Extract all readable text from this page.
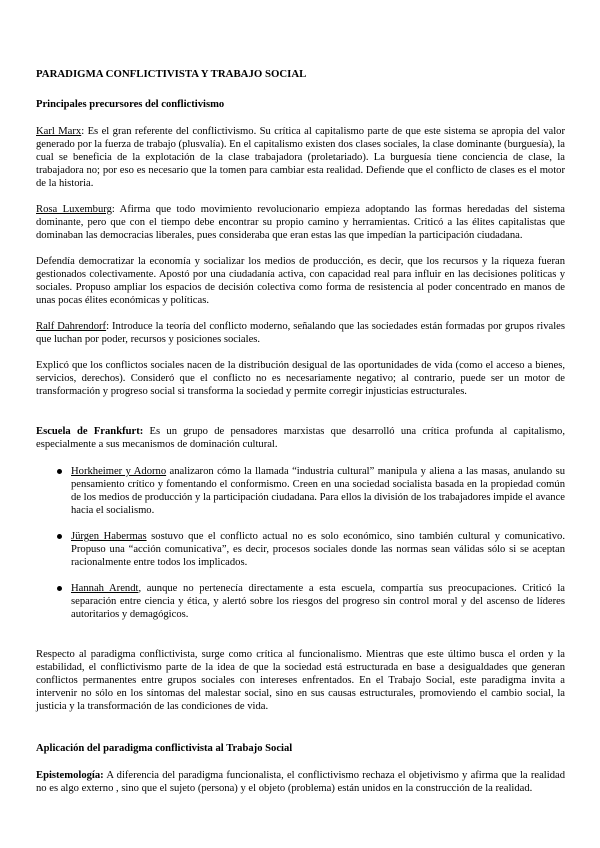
PARADIGMA CONFLICTIVISTA Y TRABAJO SOCIAL

Principales precursores del conflictivismo

Karl Marx: Es el gran referente del conflictivismo. Su crítica al capitalismo parte de que este sistema se apropia del valor generado por la fuerza de trabajo (plusvalía). En el capitalismo existen dos clases sociales, la clase dominante (burguesía), la cual se beneficia de la explotación de la clase trabajadora (proletariado). La burguesía tiene conciencia de clase, la trabajadora no; por eso es necesario que la tomen para cambiar esta realidad. Defiende que el conflicto de clases es el motor de la historia.

Rosa Luxemburg: Afirma que todo movimiento revolucionario empieza adoptando las formas heredadas del sistema dominante, pero que con el tiempo debe encontrar su propio camino y herramientas. Criticó a las élites capitalistas que dominaban las democracias liberales, pues consideraba que eran estas las que impedían la participación ciudadana.

Defendía democratizar la economía y socializar los medios de producción, es decir, que los recursos y la riqueza fueran gestionados colectivamente. Apostó por una ciudadanía activa, con capacidad real para influir en las decisiones políticas y sociales. Propuso ampliar los espacios de decisión colectiva como forma de resistencia al poder concentrado en manos de unas pocas élites económicas y políticas.

Ralf Dahrendorf: Introduce la teoría del conflicto moderno, señalando que las sociedades están formadas por grupos rivales que luchan por poder, recursos y posiciones sociales.

Explicó que los conflictos sociales nacen de la distribución desigual de las oportunidades de vida (como el acceso a bienes, servicios, derechos). Consideró que el conflicto no es necesariamente negativo; al contrario, puede ser un motor de transformación y progreso social si transforma la sociedad y permite corregir injusticias estructurales.

Escuela de Frankfurt: Es un grupo de pensadores marxistas que desarrolló una crítica profunda al capitalismo, especialmente a sus mecanismos de dominación cultural.

Horkheimer y Adorno analizaron cómo la llamada “industria cultural” manipula y aliena a las masas, anulando su pensamiento crítico y fomentando el conformismo. Creen en una sociedad socialista basada en la propiedad común de los medios de producción y la participación ciudadana. Para ellos la división de los trabajadores impide el avance hacia el socialismo.
Jürgen Habermas sostuvo que el conflicto actual no es solo económico, sino también cultural y comunicativo. Propuso una “acción comunicativa”, es decir, procesos sociales donde las normas sean válidas sólo si se aceptan racionalmente entre todos los implicados.
Hannah Arendt, aunque no pertenecía directamente a esta escuela, compartía sus preocupaciones. Criticó la separación entre ciencia y ética, y alertó sobre los riesgos del progreso sin control moral y del ascenso de líderes autoritarios y demagógicos.

Respecto al paradigma conflictivista, surge como crítica al funcionalismo. Mientras que este último busca el orden y la estabilidad, el conflictivismo parte de la idea de que la sociedad está estructurada en base a desigualdades que generan conflictos permanentes entre grupos sociales con intereses enfrentados. En el Trabajo Social, este paradigma invita a intervenir no sólo en los síntomas del malestar social, sino en sus causas estructurales, promoviendo el cambio social, la justicia y la transformación de las condiciones de vida.

Aplicación del paradigma conflictivista al Trabajo Social

Epistemología: A diferencia del paradigma funcionalista, el conflictivismo rechaza el objetivismo y afirma que la realidad no es algo externo , sino que el sujeto (persona) y el objeto (problema) están unidos en la construcción de la realidad.
